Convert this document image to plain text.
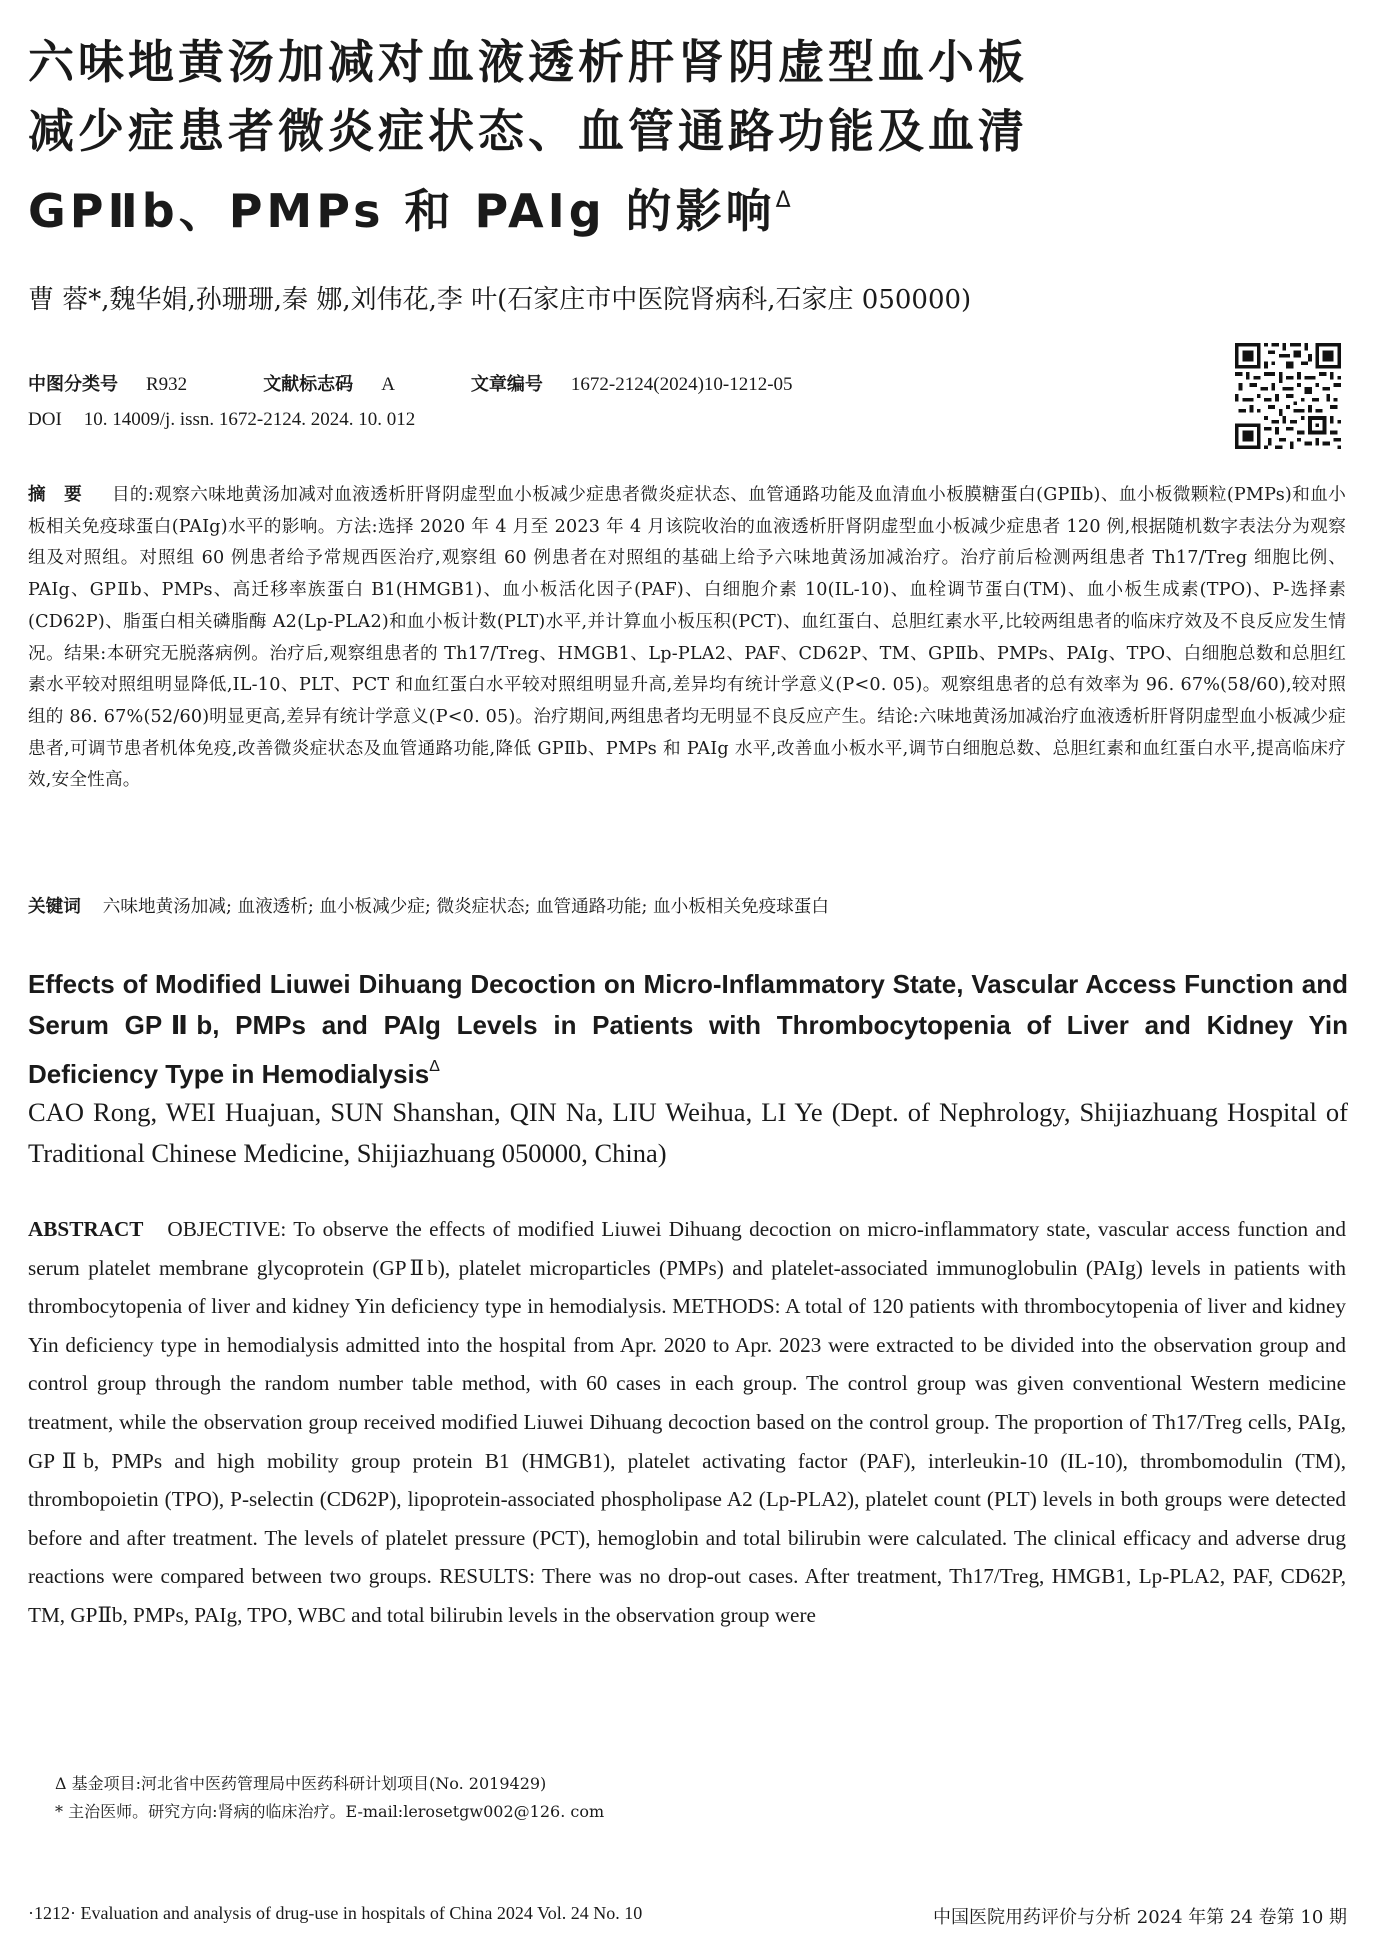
六味地黄汤加减对血液透析肝肾阴虚型血小板
减少症患者微炎症状态、血管通路功能及血清
GPⅡb、PMPs 和 PAIg 的影响$^\Delta$
曹 蓉*,魏华娟,孙珊珊,秦 娜,刘伟花,李 叶(石家庄市中医院肾病科,石家庄 050000)
中图分类号 R932	文献标志码 A	文章编号 1672-2124(2024)10-1212-05
DOI 10. 14009/j. issn. 1672-2124. 2024. 10. 012
摘 要 目的:观察六味地黄汤加减对血液透析肝肾阴虚型血小板减少症患者微炎症状态、血管通路功能及血清血小板膜糖蛋白(GPⅡb)、血小板微颗粒(PMPs)和血小板相关免疫球蛋白(PAIg)水平的影响。方法:选择 2020 年 4 月至 2023 年 4 月该院收治的血液透析肝肾阴虚型血小板减少症患者 120 例,根据随机数字表法分为观察组及对照组。对照组 60 例患者给予常规西医治疗,观察组 60 例患者在对照组的基础上给予六味地黄汤加减治疗。治疗前后检测两组患者 Th17/Treg 细胞比例、PAIg、GPⅡb、PMPs、高迁移率族蛋白 B1(HMGB1)、血小板活化因子(PAF)、白细胞介素 10(IL-10)、血栓调节蛋白(TM)、血小板生成素(TPO)、P-选择素(CD62P)、脂蛋白相关磷脂酶 A2(Lp-PLA2)和血小板计数(PLT)水平,并计算血小板压积(PCT)、血红蛋白、总胆红素水平,比较两组患者的临床疗效及不良反应发生情况。结果:本研究无脱落病例。治疗后,观察组患者的 Th17/Treg、HMGB1、Lp-PLA2、PAF、CD62P、TM、GPⅡb、PMPs、PAIg、TPO、白细胞总数和总胆红素水平较对照组明显降低,IL-10、PLT、PCT 和血红蛋白水平较对照组明显升高,差异均有统计学意义(P<0. 05)。观察组患者的总有效率为 96. 67%(58/60),较对照组的 86. 67%(52/60)明显更高,差异有统计学意义(P<0. 05)。治疗期间,两组患者均无明显不良反应产生。结论:六味地黄汤加减治疗血液透析肝肾阴虚型血小板减少症患者,可调节患者机体免疫,改善微炎症状态及血管通路功能,降低 GPⅡb、PMPs 和 PAIg 水平,改善血小板水平,调节白细胞总数、总胆红素和血红蛋白水平,提高临床疗效,安全性高。
关键词 六味地黄汤加减; 血液透析; 血小板减少症; 微炎症状态; 血管通路功能; 血小板相关免疫球蛋白
Effects of Modified Liuwei Dihuang Decoction on Micro-Inflammatory State, Vascular Access Function and Serum GPⅡb, PMPs and PAIg Levels in Patients with Thrombocytopenia of Liver and Kidney Yin Deficiency Type in Hemodialysis$^\Delta$
CAO Rong, WEI Huajuan, SUN Shanshan, QIN Na, LIU Weihua, LI Ye (Dept. of Nephrology, Shijiazhuang Hospital of Traditional Chinese Medicine, Shijiazhuang 050000, China)
ABSTRACT OBJECTIVE: To observe the effects of modified Liuwei Dihuang decoction on micro-inflammatory state, vascular access function and serum platelet membrane glycoprotein (GPⅡb), platelet microparticles (PMPs) and platelet-associated immunoglobulin (PAIg) levels in patients with thrombocytopenia of liver and kidney Yin deficiency type in hemodialysis. METHODS: A total of 120 patients with thrombocytopenia of liver and kidney Yin deficiency type in hemodialysis admitted into the hospital from Apr. 2020 to Apr. 2023 were extracted to be divided into the observation group and control group through the random number table method, with 60 cases in each group. The control group was given conventional Western medicine treatment, while the observation group received modified Liuwei Dihuang decoction based on the control group. The proportion of Th17/Treg cells, PAIg, GPⅡb, PMPs and high mobility group protein B1 (HMGB1), platelet activating factor (PAF), interleukin-10 (IL-10), thrombomodulin (TM), thrombopoietin (TPO), P-selectin (CD62P), lipoprotein-associated phospholipase A2 (Lp-PLA2), platelet count (PLT) levels in both groups were detected before and after treatment. The levels of platelet pressure (PCT), hemoglobin and total bilirubin were calculated. The clinical efficacy and adverse drug reactions were compared between two groups. RESULTS: There was no drop-out cases. After treatment, Th17/Treg, HMGB1, Lp-PLA2, PAF, CD62P, TM, GPⅡb, PMPs, PAIg, TPO, WBC and total bilirubin levels in the observation group were
Δ 基金项目:河北省中医药管理局中医药科研计划项目(No. 2019429)
* 主治医师。研究方向:肾病的临床治疗。E-mail:lerosetgw002@126. com
·1212· Evaluation and analysis of drug-use in hospitals of China 2024 Vol. 24 No. 10	中国医院用药评价与分析 2024 年第 24 卷第 10 期
